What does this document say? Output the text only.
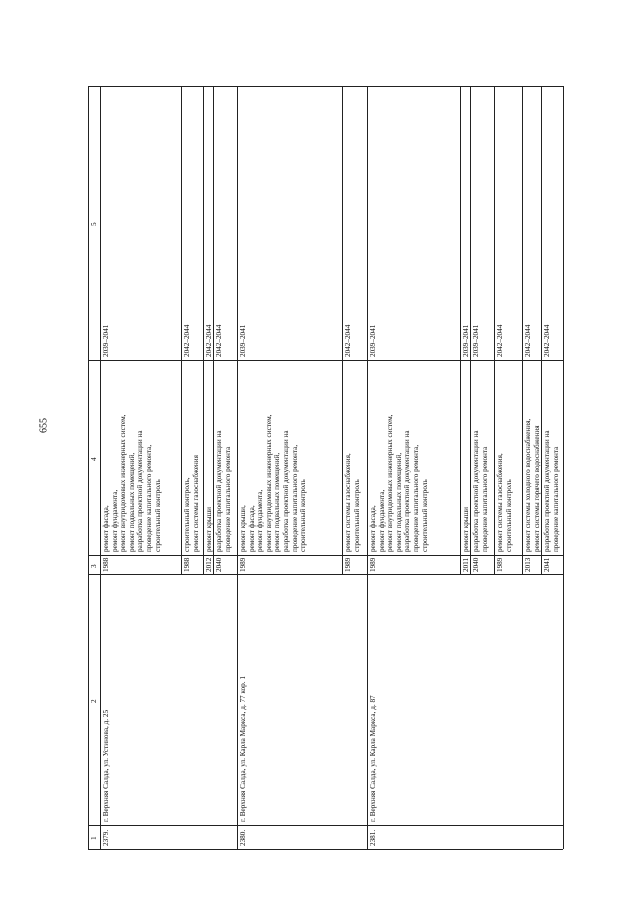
655
1
2
3
4
5
2379.
г. Верхняя Салда, ул. Устинова, д. 25
1988
ремонт фасада,
ремонт фундамента,
ремонт внутридомовых инженерных систем,
ремонт подвальных помещений,
разработка проектной документации на
проведение капитального ремонта,
строительный контроль
2039–2041
1988
строительный контроль,
ремонт системы газоснабжения
2042–2044
2012
ремонт крыши
2042–2044
2040
разработка проектной документации на
проведение капитального ремонта
2042–2044
2380.
г. Верхняя Салда, ул. Карла Маркса, д. 77 кор. 1
1989
ремонт крыши,
ремонт фасада,
ремонт фундамента,
ремонт внутридомовых инженерных систем,
ремонт подвальных помещений,
разработка проектной документации на
проведение капитального ремонта,
строительный контроль
2039–2041
1989
ремонт системы газоснабжения,
строительный контроль
2042–2044
2381.
г. Верхняя Салда, ул. Карла Маркса, д. 87
1989
ремонт фасада,
ремонт фундамента,
ремонт внутридомовых инженерных систем,
ремонт подвальных помещений,
разработка проектной документации на
проведение капитального ремонта,
строительный контроль
2039–2041
2011
ремонт крыши
2039–2041
2040
разработка проектной документации на
проведение капитального ремонта
2039–2041
1989
ремонт системы газоснабжения,
строительный контроль
2042–2044
2013
ремонт системы холодного водоснабжения,
ремонт системы горячего водоснабжения
2042–2044
2041
разработка проектной документации на
проведение капитального ремонта
2042–2044
